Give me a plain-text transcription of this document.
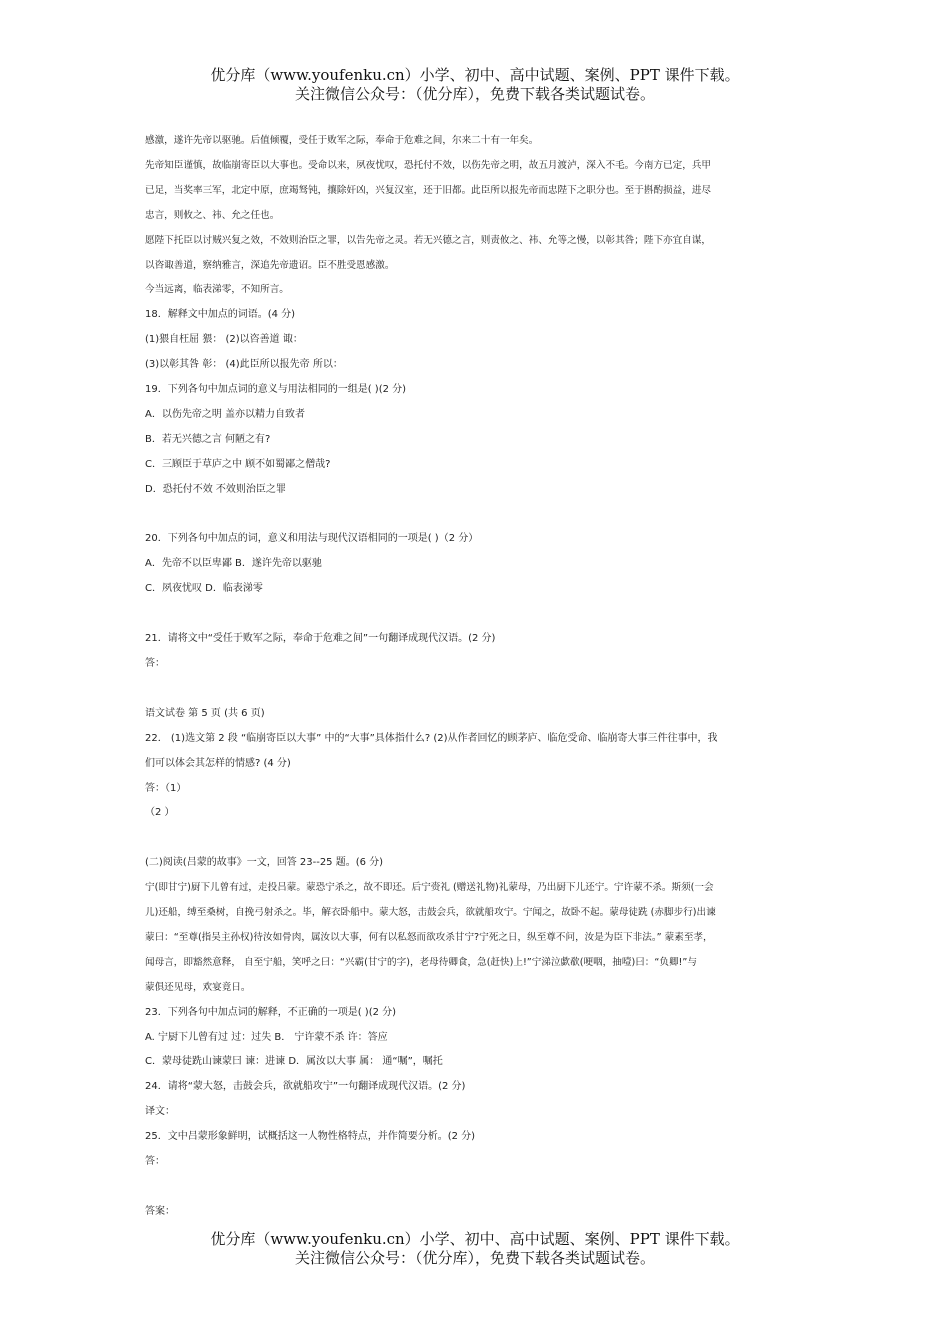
优分库（www.youfenku.cn）小学、初中、高中试题、案例、PPT 课件下载。
关注微信公众号：（优分库），免费下载各类试题试卷。
感激，遂许先帝以驱驰。后值倾覆，受任于败军之际，奉命于危难之间，尔来二十有一年矣。
先帝知臣谨慎，故临崩寄臣以大事也。受命以来，夙夜忧叹，恐托付不效，以伤先帝之明，故五月渡泸，深入不毛。今南方已定，兵甲
已足，当奖率三军，北定中原，庶竭驽钝，攘除奸凶，兴复汉室，还于旧都。此臣所以报先帝而忠陛下之职分也。至于斟酌损益，进尽
忠言，则攸之、祎、允之任也。
愿陛下托臣以讨贼兴复之效，不效则治臣之罪，以告先帝之灵。若无兴德之言，则责攸之、祎、允等之慢，以彰其咎；陛下亦宜自谋，
以咨诹善道，察纳雅言，深追先帝遗诏。臣不胜受恩感激。
今当远离，临表涕零，不知所言。
18．解释文中加点的词语。(4 分)
(1)猥自枉屈 猥： (2)以咨善道 诹：
(3)以彰其咎 彰： (4)此臣所以报先帝 所以：
19．下列各句中加点词的意义与用法相同的一组是( )(2 分)
A．以伤先帝之明 盖亦以精力自致者
B．若无兴德之言 何陋之有?
C．三顾臣于草庐之中 顾不如蜀鄙之僧哉?
D．恐托付不效 不效则治臣之罪
20．下列各句中加点的词，意义和用法与现代汉语相同的一项是( )（2 分）
A．先帝不以臣卑鄙 B．遂许先帝以驱驰
C．夙夜忧叹 D．临表涕零
21．请将文中“受任于败军之际，奉命于危难之间”一句翻译成现代汉语。(2 分)
答：
语文试卷 第 5 页 (共 6 页)
22． (1)选文第 2 段 “临崩寄臣以大事” 中的“大事”具体指什么? (2)从作者回忆的顾茅庐、临危受命、临崩寄大事三件往事中，我
们可以体会其怎样的情感? (4 分)
答：（1）
（2 ）
(二)阅读(吕蒙的故事》一文，回答 23--25 题。(6 分)
宁(即甘宁)厨下儿曾有过，走投吕蒙。蒙恐宁杀之，故不即还。后宁赍礼 (赠送礼物)礼蒙母，乃出厨下儿还宁。宁许蒙不杀。斯须(一会
儿)还船，缚至桑树，自挽弓射杀之。毕，解衣卧船中。蒙大怒，击鼓会兵，欲就船攻宁。宁闻之，故卧不起。蒙母徒跣 (赤脚步行)出谏
蒙曰：“至尊(指吴主孙权)待汝如骨肉，属汝以大事，何有以私怒而欲攻杀甘宁?宁死之日，纵至尊不问，汝是为臣下非法。” 蒙素至孝，
闻母言，即豁然意释， 自至宁船，笑呼之曰：“兴霸(甘宁的字)，老母待卿食，急(赶快)上!”宁涕泣歔欷(哽咽，抽噎)曰：“负卿!”与
蒙俱还见母，欢宴竟日。
23．下列各句中加点词的解释，不正确的一项是( )(2 分)
A. 宁厨下儿曾有过 过：过失 B． 宁许蒙不杀 许：答应
C．蒙母徒跣山谏蒙曰 谏：进谏 D．属汝以大事 属： 通“嘱”，嘱托
24．请将“蒙大怒，击鼓会兵，欲就船攻宁”一句翻译成现代汉语。(2 分)
译文：
25．文中吕蒙形象鲜明，试概括这一人物性格特点，并作简要分析。(2 分)
答：
答案：
优分库（www.youfenku.cn）小学、初中、高中试题、案例、PPT 课件下载。
关注微信公众号：（优分库），免费下载各类试题试卷。
